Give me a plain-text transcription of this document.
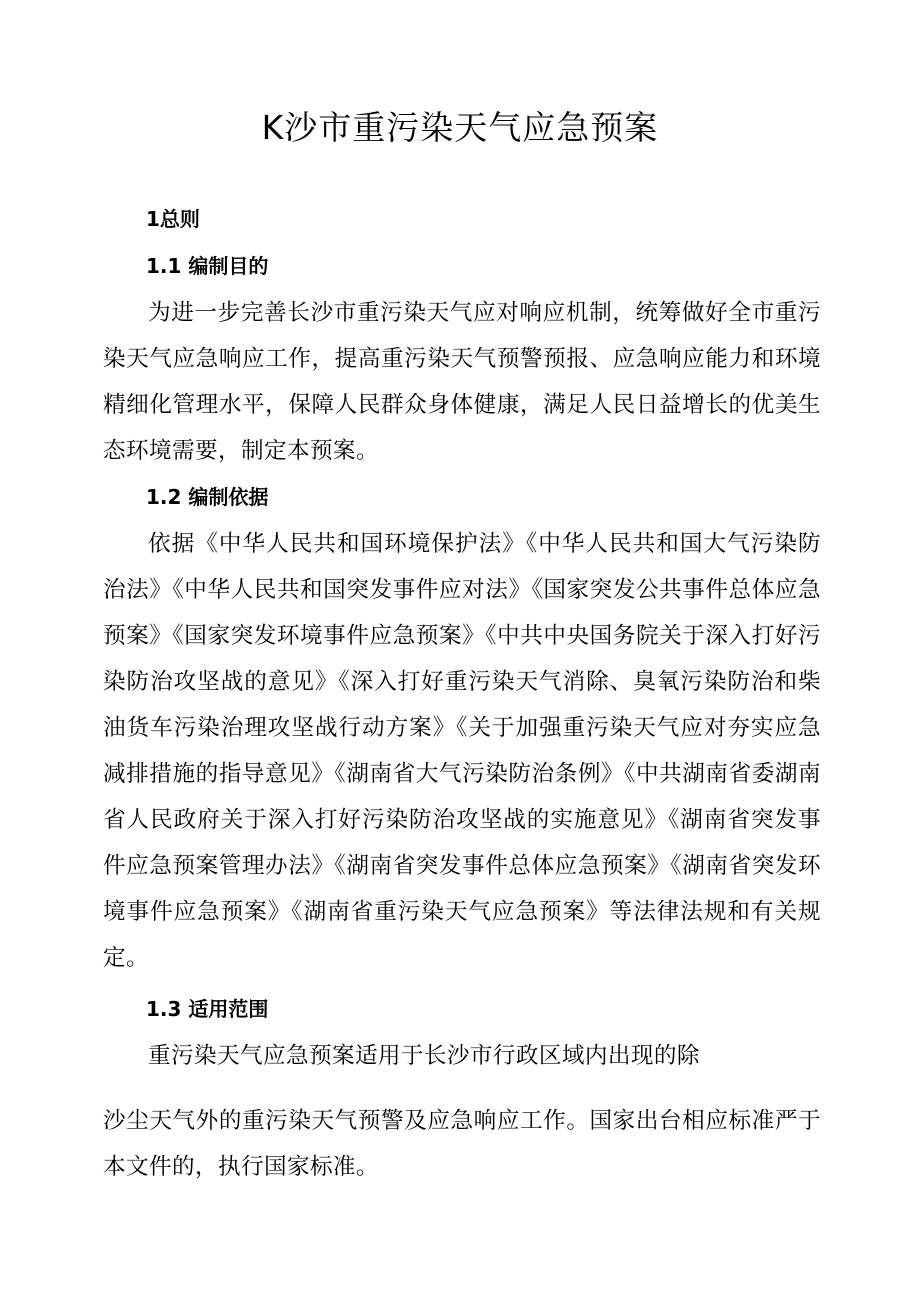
K沙市重污染天气应急预案
1总则
1.1 编制目的

为进一步完善长沙市重污染天气应对响应机制，统筹做好全市重污染天气应急响应工作，提高重污染天气预警预报、应急响应能力和环境精细化管理水平，保障人民群众身体健康，满足人民日益增长的优美生态环境需要，制定本预案。

1.2 编制依据

依据《中华人民共和国环境保护法》《中华人民共和国大气污染防治法》《中华人民共和国突发事件应对法》《国家突发公共事件总体应急预案》《国家突发环境事件应急预案》《中共中央国务院关于深入打好污染防治攻坚战的意见》《深入打好重污染天气消除、臭氧污染防治和柴油货车污染治理攻坚战行动方案》《关于加强重污染天气应对夯实应急减排措施的指导意见》《湖南省大气污染防治条例》《中共湖南省委湖南省人民政府关于深入打好污染防治攻坚战的实施意见》《湖南省突发事件应急预案管理办法》《湖南省突发事件总体应急预案》《湖南省突发环境事件应急预案》《湖南省重污染天气应急预案》等法律法规和有关规定。

1.3 适用范围

重污染天气应急预案适用于长沙市行政区域内出现的除

沙尘天气外的重污染天气预警及应急响应工作。国家出台相应标准严于本文件的，执行国家标准。
